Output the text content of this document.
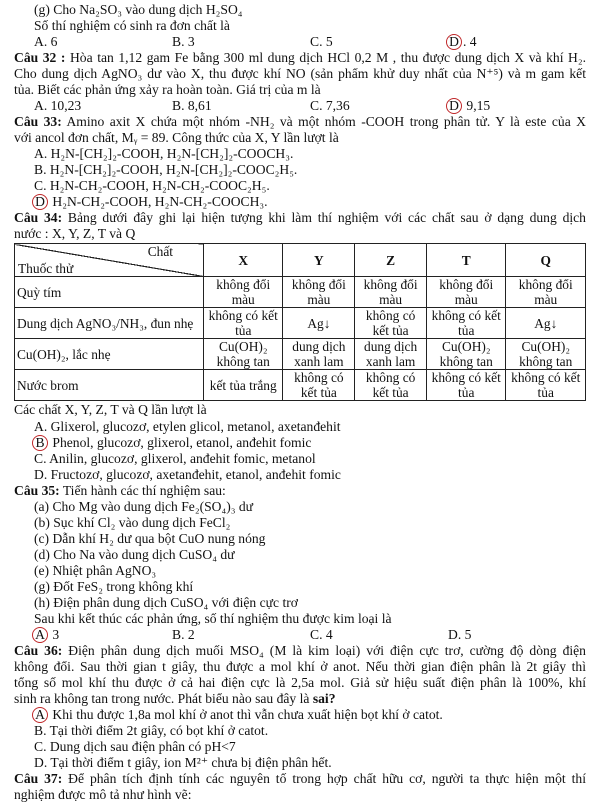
(g) Cho Na₂SO₃ vào dung dịch H₂SO₄
Số thí nghiệm có sinh ra đơn chất là
A. 6	B. 3	C. 5	D . 4
Câu 32 : Hòa tan 1,12 gam Fe bằng 300 ml dung dịch HCl 0,2 M , thu được dung dịch X và khí H₂.
Cho dung dịch AgNO₃ dư vào X, thu được khí NO (sản phẩm khử duy nhất của N⁺⁵) và m gam kết
tủa. Biết các phản ứng xảy ra hoàn toàn. Giá trị của m là
A. 10,23	B. 8,61	C. 7,36	D 9,15
Câu 33: Amino axit X chứa một nhóm -NH₂ và một nhóm -COOH trong phân tử. Y là este của X
với ancol đơn chất, Mᵧ = 89. Công thức của X, Y lần lượt là
A. H₂N-[CH₂]₂-COOH, H₂N-[CH₂]₂-COOCH₃.
B. H₂N-[CH₂]₂-COOH, H₂N-[CH₂]₂-COOC₂H₅.
C. H₂N-CH₂-COOH, H₂N-CH₂-COOC₂H₅.
D H₂N-CH₂-COOH, H₂N-CH₂-COOCH₃.
Câu 34: Bảng dưới đây ghi lại hiện tượng khi làm thí nghiệm với các chất sau ở dạng dung dịch
nước : X, Y, Z, T và Q
Chất
Thuốc thử	X	Y	Z	T	Q
Quỳ tím	không đổi màu	không đổi màu	không đổi màu	không đổi màu	không đổi màu
Dung dịch AgNO₃/NH₃, đun nhẹ	không có kết tủa	Ag↓	không có kết tủa	không có kết tủa	Ag↓
Cu(OH)₂, lắc nhẹ	Cu(OH)₂ không tan	dung dịch xanh lam	dung dịch xanh lam	Cu(OH)₂ không tan	Cu(OH)₂ không tan
Nước brom	kết tủa trắng	không có kết tủa	không có kết tủa	không có kết tủa	không có kết tủa
Các chất X, Y, Z, T và Q lần lượt là
A. Glixerol, glucozơ, etylen glicol, metanol, axetanđehit
B Phenol, glucozơ, glixerol, etanol, anđehit fomic
C. Anilin, glucozơ, glixerol, anđehit fomic, metanol
D. Fructozơ, glucozơ, axetanđehit, etanol, anđehit fomic
Câu 35: Tiến hành các thí nghiệm sau:
(a) Cho Mg vào dung dịch Fe₂(SO₄)₃ dư
(b) Sục khí Cl₂ vào dung dịch FeCl₂
(c) Dẫn khí H₂ dư qua bột CuO nung nóng
(d) Cho Na vào dung dịch CuSO₄ dư
(e) Nhiệt phân AgNO₃
(g) Đốt FeS₂ trong không khí
(h) Điện phân dung dịch CuSO₄ với điện cực trơ
Sau khi kết thúc các phản ứng, số thí nghiệm thu được kim loại là
A 3	B. 2	C. 4	D. 5
Câu 36: Điện phân dung dịch muối MSO₄ (M là kim loại) với điện cực trơ, cường độ dòng điện
không đổi. Sau thời gian t giây, thu được a mol khí ở anot. Nếu thời gian điện phân là 2t giây thì
tổng số mol khí thu được ở cả hai điện cực là 2,5a mol. Giả sử hiệu suất điện phân là 100%, khí
sinh ra không tan trong nước. Phát biểu nào sau đây là sai?
A Khi thu được 1,8a mol khí ở anot thì vẫn chưa xuất hiện bọt khí ở catot.
B. Tại thời điểm 2t giây, có bọt khí ở catot.
C. Dung dịch sau điện phân có pH<7
D. Tại thời điểm t giây, ion M²⁺ chưa bị điện phân hết.
Câu 37: Để phân tích định tính các nguyên tố trong hợp chất hữu cơ, người ta thực hiện một thí
nghiệm được mô tả như hình vẽ:
